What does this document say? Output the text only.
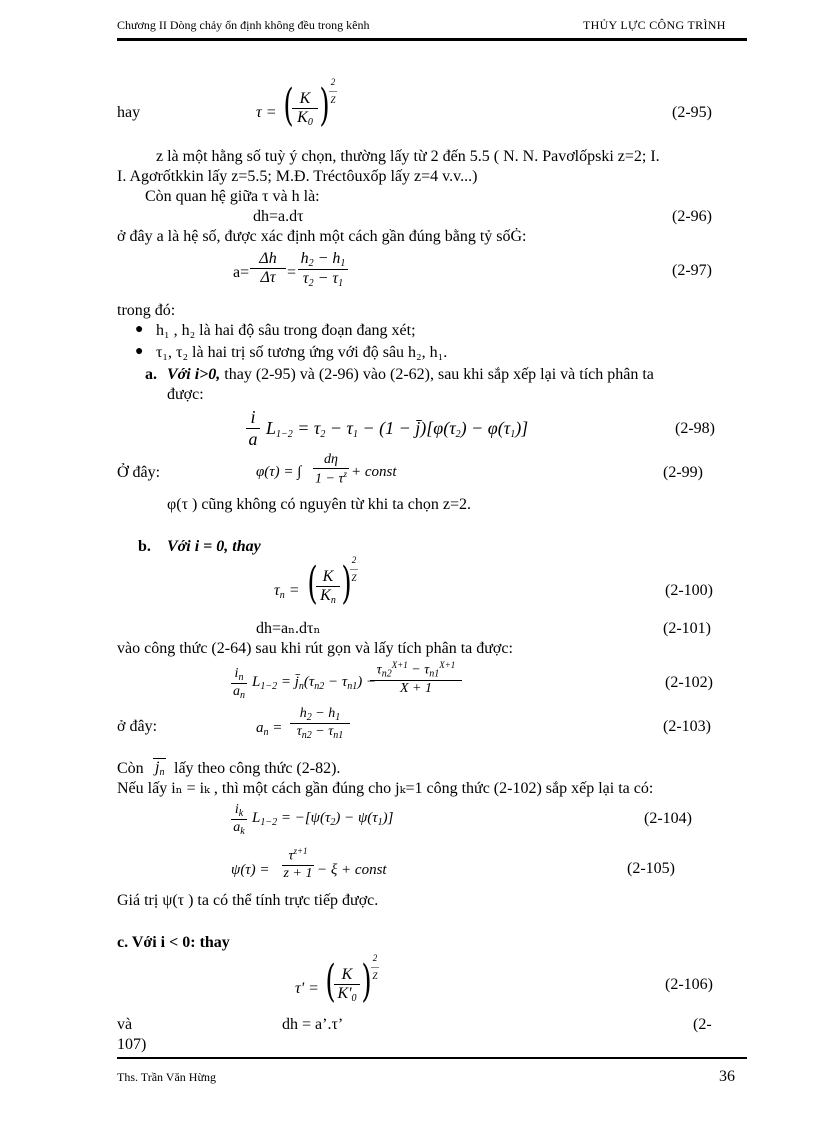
Chương II Dòng chảy ổn định không đều trong kênh	THỦY LỰC CÔNG TRÌNH
hay	τ = (
$\frac{K}{K_0}$ ) 2
—
Z
(2-95)
z là một hằng số tuỳ ý chọn, thường lấy từ 2 đến 5.5 ( N. N. Pavơlốpski z=2; I.
I. Agơrốtkkin lấy z=5.5; M.Đ. Tréctôuxốp lấy z=4 v.v...)
Còn quan hệ giữa τ và h là:
dh=a.dτ	(2-96)
ở đây a là hệ số, được xác định một cách gần đúng bằng tỷ sốĠ:
$a= \frac{\Delta h}{\Delta\tau} = \frac{h_2 - h_1}{\tau_2 - \tau_1}$	(2-97)
trong đó:
● h₁ , h₂ là hai độ sâu trong đoạn đang xét;
● τ₁, τ₂ là hai trị số tương ứng với độ sâu h₂, h₁.
a. Với i>0, thay (2-95) và (2-96) vào (2-62), sau khi sắp xếp lại và tích phân ta
được:
$\frac{i}{a} L_{1-2} = \tau_2 - \tau_1 - (1$ − $j̄)[\varphi(\tau_2) - \varphi(\tau_1)]$	(2-98)
Ở đây:	φ(τ) = ∫ $\frac{d\eta}{1 - \tau^z}$ + const	(2-99)
φ(τ ) cũng không có nguyên từ khi ta chọn z=2.
b. Với i = 0, thay
$\tau_n$ = (
$\frac{K}{K_n}$ ) 2
—
Z
(2-100)
dh=aₙ.dτₙ	(2-101)
vào công thức (2-64) sau khi rút gọn và lấy tích phân ta được:
$\frac{i_n}{a_n} L_{1-2}$ = $j̄_n(\tau_{n2} - \tau_{n1})$ −
$\frac{\tau_{n2}^{X+1} - \tau_{n1}^{X+1}}{X + 1}$	(2-102)
ở đây:	$a_n = \frac{h_2 - h_1}{\tau_{n2} - \tau_{n1}}$	(2-103)
Còn $j_n$ lấy theo công thức (2-82).
Nếu lấy iₙ = iₖ , thì một cách gần đúng cho jₖ=1 công thức (2-102) sắp xếp lại ta có:
$\frac{i_k}{a_k} L_{1-2} = -[\psi(\tau_2) - \psi(\tau_1)]$	(2-104)
$\psi(\tau) = \frac{\tau^{z+1}}{z + 1} - \xi$ + const	(2-105)
Giá trị ψ(τ ) ta có thể tính trực tiếp được.
c. Với i < 0: thay
τ' = (
$\frac{K}{K'_0}$ ) 2
—
Z	(2-106)
và	dh = a’.τ’	(2-
107)
Ths. Trần Văn Hừng	36
